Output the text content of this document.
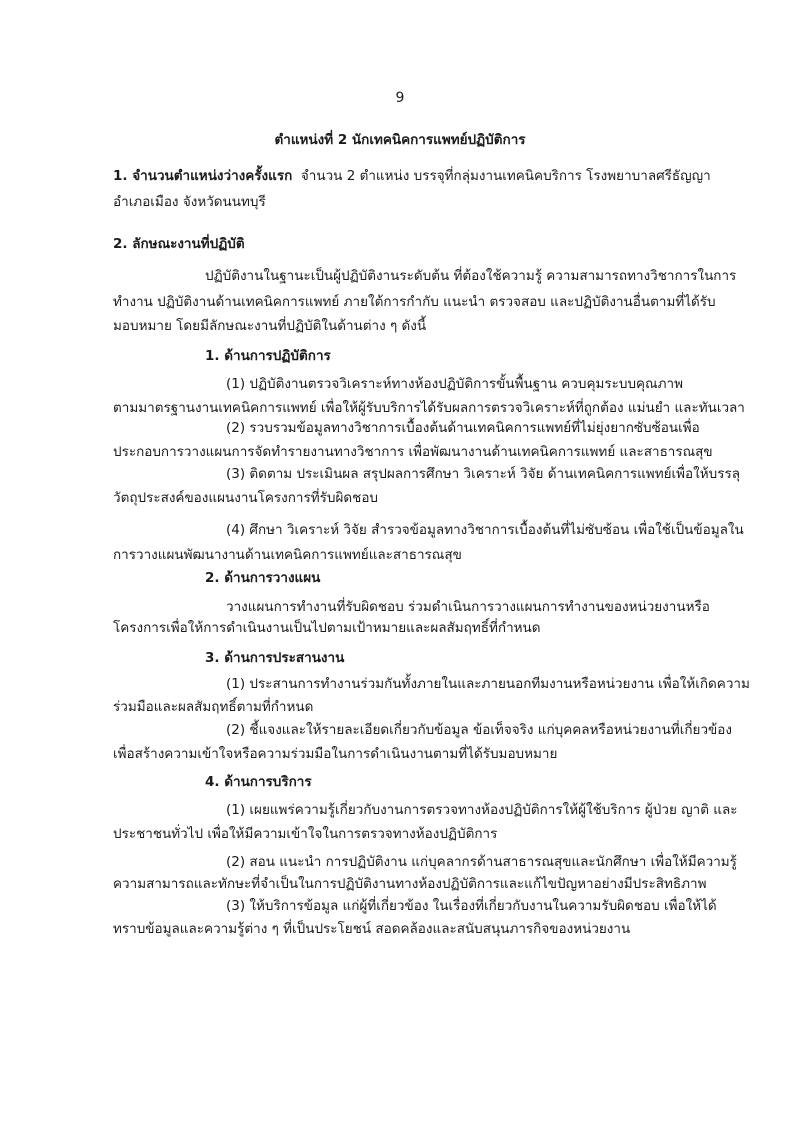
9
ตำแหน่งที่ 2 นักเทคนิคการแพทย์ปฏิบัติการ
1. จำนวนตำแหน่งว่างครั้งแรก จำนวน 2 ตำแหน่ง บรรจุที่กลุ่มงานเทคนิคบริการ โรงพยาบาลศรีธัญญา
อำเภอเมือง จังหวัดนนทบุรี
2. ลักษณะงานที่ปฏิบัติ
ปฏิบัติงานในฐานะเป็นผู้ปฏิบัติงานระดับต้น ที่ต้องใช้ความรู้ ความสามารถทางวิชาการในการ
ทำงาน ปฏิบัติงานด้านเทคนิคการแพทย์ ภายใต้การกำกับ แนะนำ ตรวจสอบ และปฏิบัติงานอื่นตามที่ได้รับ
มอบหมาย โดยมีลักษณะงานที่ปฏิบัติในด้านต่าง ๆ ดังนี้
1. ด้านการปฏิบัติการ
(1) ปฏิบัติงานตรวจวิเคราะห์ทางห้องปฏิบัติการขั้นพื้นฐาน ควบคุมระบบคุณภาพ
ตามมาตรฐานงานเทคนิคการแพทย์ เพื่อให้ผู้รับบริการได้รับผลการตรวจวิเคราะห์ที่ถูกต้อง แม่นยำ และทันเวลา
(2) รวบรวมข้อมูลทางวิชาการเบื้องต้นด้านเทคนิคการแพทย์ที่ไม่ยุ่งยากซับซ้อนเพื่อ
ประกอบการวางแผนการจัดทำรายงานทางวิชาการ เพื่อพัฒนางานด้านเทคนิคการแพทย์ และสาธารณสุข
(3) ติดตาม ประเมินผล สรุปผลการศึกษา วิเคราะห์ วิจัย ด้านเทคนิคการแพทย์เพื่อให้บรรลุ
วัตถุประสงค์ของแผนงานโครงการที่รับผิดชอบ
(4) ศึกษา วิเคราะห์ วิจัย สำรวจข้อมูลทางวิชาการเบื้องต้นที่ไม่ซับซ้อน เพื่อใช้เป็นข้อมูลใน
การวางแผนพัฒนางานด้านเทคนิคการแพทย์และสาธารณสุข
2. ด้านการวางแผน
วางแผนการทำงานที่รับผิดชอบ ร่วมดำเนินการวางแผนการทำงานของหน่วยงานหรือ
โครงการเพื่อให้การดำเนินงานเป็นไปตามเป้าหมายและผลสัมฤทธิ์ที่กำหนด
3. ด้านการประสานงาน
(1) ประสานการทำงานร่วมกันทั้งภายในและภายนอกทีมงานหรือหน่วยงาน เพื่อให้เกิดความ
ร่วมมือและผลสัมฤทธิ์ตามที่กำหนด
(2) ชี้แจงและให้รายละเอียดเกี่ยวกับข้อมูล ข้อเท็จจริง แก่บุคคลหรือหน่วยงานที่เกี่ยวข้อง
เพื่อสร้างความเข้าใจหรือความร่วมมือในการดำเนินงานตามที่ได้รับมอบหมาย
4. ด้านการบริการ
(1) เผยแพร่ความรู้เกี่ยวกับงานการตรวจทางห้องปฏิบัติการให้ผู้ใช้บริการ ผู้ป่วย ญาติ และ
ประชาชนทั่วไป เพื่อให้มีความเข้าใจในการตรวจทางห้องปฏิบัติการ
(2) สอน แนะนำ การปฏิบัติงาน แก่บุคลากรด้านสาธารณสุขและนักศึกษา เพื่อให้มีความรู้
ความสามารถและทักษะที่จำเป็นในการปฏิบัติงานทางห้องปฏิบัติการและแก้ไขปัญหาอย่างมีประสิทธิภาพ
(3) ให้บริการข้อมูล แก่ผู้ที่เกี่ยวข้อง ในเรื่องที่เกี่ยวกับงานในความรับผิดชอบ เพื่อให้ได้
ทราบข้อมูลและความรู้ต่าง ๆ ที่เป็นประโยชน์ สอดคล้องและสนับสนุนภารกิจของหน่วยงาน
